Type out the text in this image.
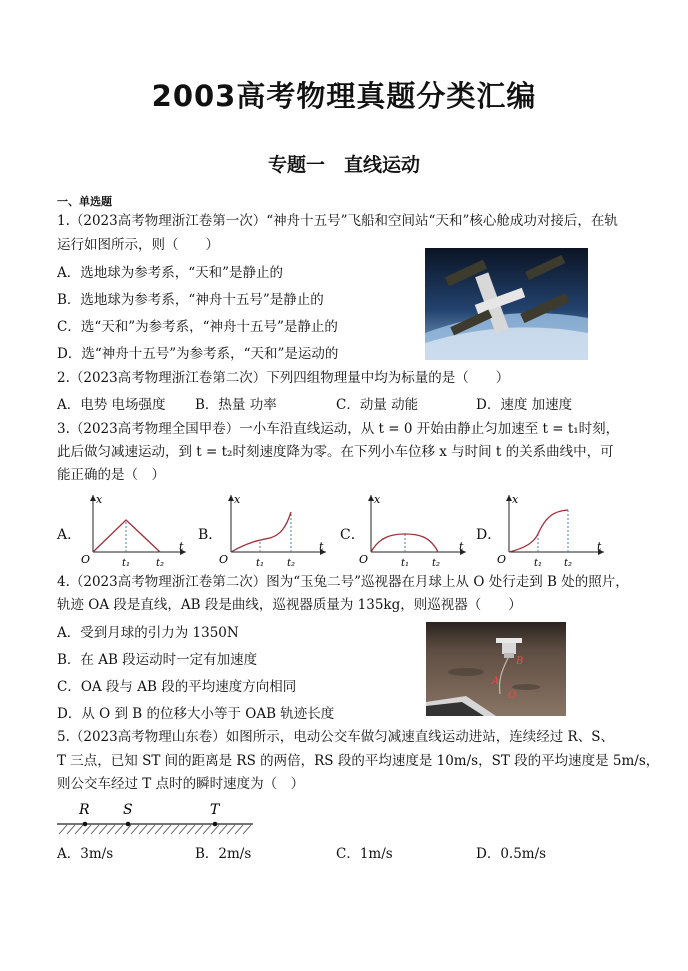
2003高考物理真题分类汇编
专题一　直线运动
一、单选题
1.（2023高考物理浙江卷第一次）“神舟十五号”飞船和空间站“天和”核心舱成功对接后，在轨
运行如图所示，则（　　）
A．选地球为参考系，“天和”是静止的
B．选地球为参考系，“神舟十五号”是静止的
C．选“天和”为参考系，“神舟十五号”是静止的
D．选“神舟十五号”为参考系，“天和”是运动的
2.（2023高考物理浙江卷第二次）下列四组物理量中均为标量的是（　　）
A．电势 电场强度 B．热量 功率	C．动量 动能	D．速度 加速度
3.（2023高考物理全国甲卷）一小车沿直线运动，从 t = 0 开始由静止匀加速至 t = t₁时刻，
此后做匀减速运动，到 t = t₂时刻速度降为零。在下列小车位移 x 与时间 t 的关系曲线中，可
能正确的是（　）
A．	B．	C．	D．
x
t
O	t₁	t₂
x
t
O	t₁ t₂
x
t
O	t₁ t₂
x
t
O	t₁ t₂
4.（2023高考物理浙江卷第二次）图为“玉兔二号”巡视器在月球上从 O 处行走到 B 处的照片，
轨迹 OA 段是直线，AB 段是曲线，巡视器质量为 135kg，则巡视器（　　）
A．受到月球的引力为 1350N
B．在 AB 段运动时一定有加速度
C．OA 段与 AB 段的平均速度方向相同
D．从 O 到 B 的位移大小等于 OAB 轨迹长度
B
A
O
5.（2023高考物理山东卷）如图所示，电动公交车做匀减速直线运动进站，连续经过 R、S、
T 三点，已知 ST 间的距离是 RS 的两倍，RS 段的平均速度是 10m/s，ST 段的平均速度是 5m/s，
则公交车经过 T 点时的瞬时速度为（　）
R S	T
A．3m/s	B．2m/s	C．1m/s	D．0.5m/s
